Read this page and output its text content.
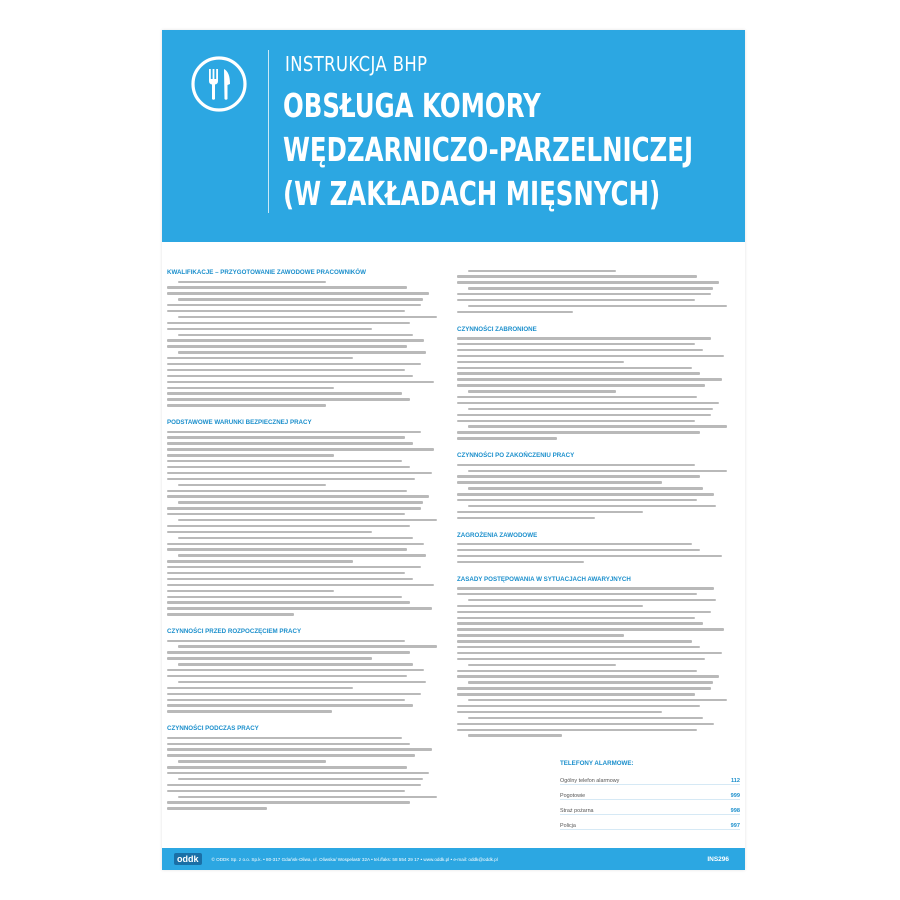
INSTRUKCJA BHP
OBSŁUGA KOMORY
WĘDZARNICZO-PARZELNICZEJ
(W ZAKŁADACH MIĘSNYCH)
KWALIFIKACJE – PRZYGOTOWANIE ZAWODOWE PRACOWNIKÓW
PODSTAWOWE WARUNKI BEZPIECZNEJ PRACY
CZYNNOŚCI PRZED ROZPOCZĘCIEM PRACY
CZYNNOŚCI PODCZAS PRACY
CZYNNOŚCI ZABRONIONE
CZYNNOŚCI PO ZAKOŃCZENIU PRACY
ZAGROŻENIA ZAWODOWE
ZASADY POSTĘPOWANIA W SYTUACJACH AWARYJNYCH
TELEFONY ALARMOWE:
Ogólny telefon alarmowy	112
Pogotowie	999
Straż pożarna	998
Policja	997
oddk	© ODDK Sp. z o.o. Sp.k. • 80-317 Gdańsk-Oliwa, ul. Oliwska/ Wospelastr 32A • tel./faks: 58 554 29 17 • www.oddk.pl • e-mail: oddk@oddk.pl	INS296
